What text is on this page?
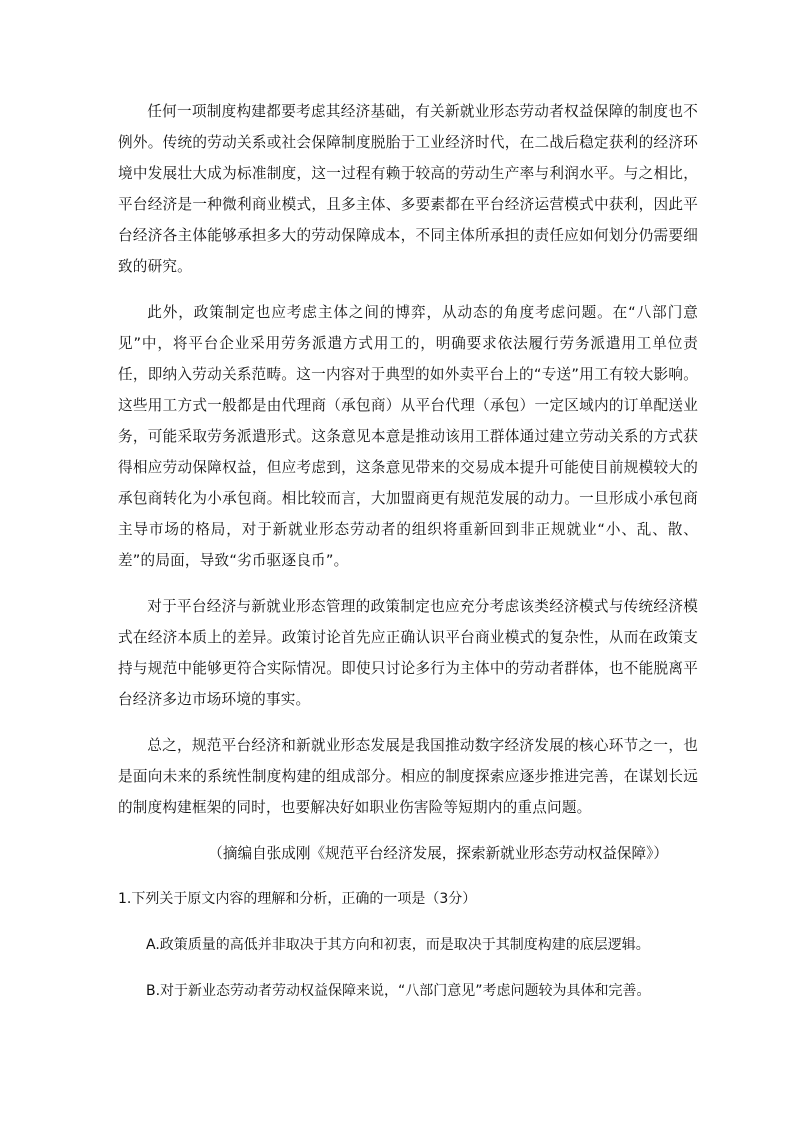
任何一项制度构建都要考虑其经济基础，有关新就业形态劳动者权益保障的制度也不例外。传统的劳动关系或社会保障制度脱胎于工业经济时代，在二战后稳定获利的经济环境中发展壮大成为标准制度，这一过程有赖于较高的劳动生产率与利润水平。与之相比，平台经济是一种微利商业模式，且多主体、多要素都在平台经济运营模式中获利，因此平台经济各主体能够承担多大的劳动保障成本，不同主体所承担的责任应如何划分仍需要细致的研究。

此外，政策制定也应考虑主体之间的博弈，从动态的角度考虑问题。在“八部门意见”中，将平台企业采用劳务派遣方式用工的，明确要求依法履行劳务派遣用工单位责任，即纳入劳动关系范畴。这一内容对于典型的如外卖平台上的“专送”用工有较大影响。这些用工方式一般都是由代理商（承包商）从平台代理（承包）一定区域内的订单配送业务，可能采取劳务派遣形式。这条意见本意是推动该用工群体通过建立劳动关系的方式获得相应劳动保障权益，但应考虑到，这条意见带来的交易成本提升可能使目前规模较大的承包商转化为小承包商。相比较而言，大加盟商更有规范发展的动力。一旦形成小承包商主导市场的格局，对于新就业形态劳动者的组织将重新回到非正规就业“小、乱、散、差”的局面，导致“劣币驱逐良币”。

对于平台经济与新就业形态管理的政策制定也应充分考虑该类经济模式与传统经济模式在经济本质上的差异。政策讨论首先应正确认识平台商业模式的复杂性，从而在政策支持与规范中能够更符合实际情况。即使只讨论多行为主体中的劳动者群体，也不能脱离平台经济多边市场环境的事实。

总之，规范平台经济和新就业形态发展是我国推动数字经济发展的核心环节之一，也是面向未来的系统性制度构建的组成部分。相应的制度探索应逐步推进完善，在谋划长远的制度构建框架的同时，也要解决好如职业伤害险等短期内的重点问题。

（摘编自张成刚《规范平台经济发展，探索新就业形态劳动权益保障》）

1.下列关于原文内容的理解和分析，正确的一项是（3分）

A.政策质量的高低并非取决于其方向和初衷，而是取决于其制度构建的底层逻辑。

B.对于新业态劳动者劳动权益保障来说，“八部门意见”考虑问题较为具体和完善。
